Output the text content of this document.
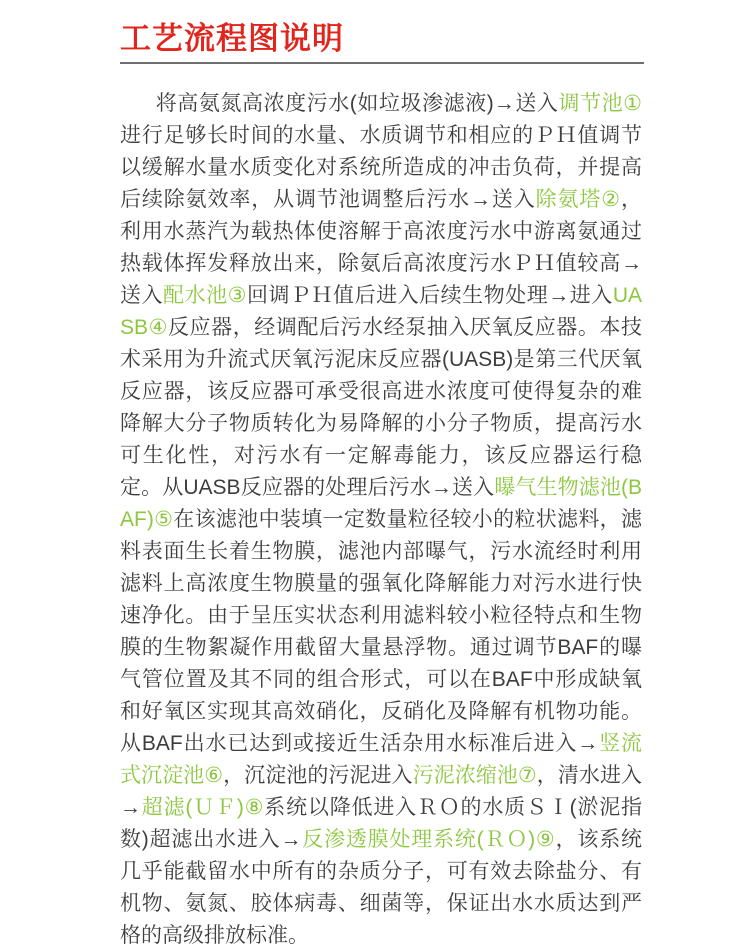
工艺流程图说明

将高氨氮高浓度污水(如垃圾渗滤液)→送入调节池①进行足够长时间的水量、水质调节和相应的ＰＨ值调节以缓解水量水质变化对系统所造成的冲击负荷，并提高后续除氨效率，从调节池调整后污水→送入除氨塔②，利用水蒸汽为载热体使溶解于高浓度污水中游离氨通过热载体挥发释放出来，除氨后高浓度污水ＰＨ值较高→送入配水池③回调ＰＨ值后进入后续生物处理→进入UASB④反应器，经调配后污水经泵抽入厌氧反应器。本技术采用为升流式厌氧污泥床反应器(UASB)是第三代厌氧反应器，该反应器可承受很高进水浓度可使得复杂的难降解大分子物质转化为易降解的小分子物质，提高污水可生化性，对污水有一定解毒能力，该反应器运行稳定。从UASB反应器的处理后污水→送入曝气生物滤池(BAF)⑤在该滤池中装填一定数量粒径较小的粒状滤料，滤料表面生长着生物膜，滤池内部曝气，污水流经时利用滤料上高浓度生物膜量的强氧化降解能力对污水进行快速净化。由于呈压实状态利用滤料较小粒径特点和生物膜的生物絮凝作用截留大量悬浮物。通过调节BAF的曝气管位置及其不同的组合形式，可以在BAF中形成缺氧和好氧区实现其高效硝化，反硝化及降解有机物功能。从BAF出水已达到或接近生活杂用水标准后进入→竖流式沉淀池⑥，沉淀池的污泥进入污泥浓缩池⑦，清水进入→超滤(ＵＦ)⑧系统以降低进入ＲＯ的水质ＳＩ(淤泥指数)超滤出水进入→反渗透膜处理系统(ＲＯ)⑨，该系统几乎能截留水中所有的杂质分子，可有效去除盐分、有机物、氨氮、胶体病毒、细菌等，保证出水水质达到严格的高级排放标准。
